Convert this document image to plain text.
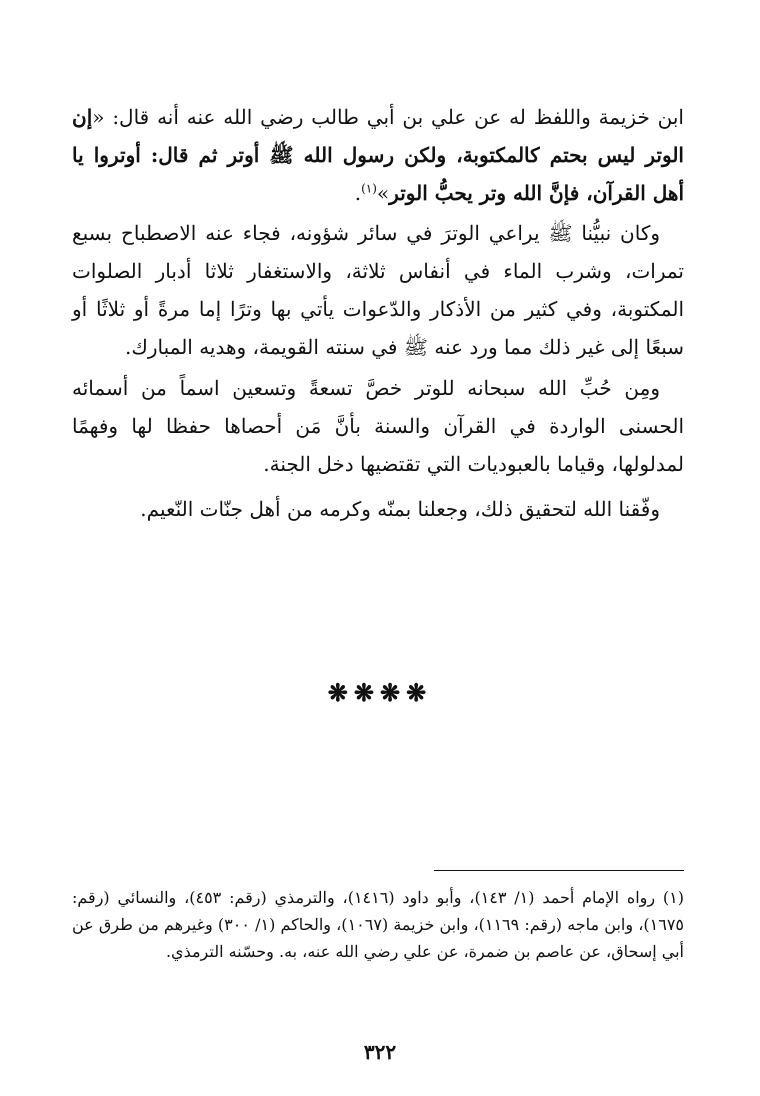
ابن خزيمة واللفظ له عن علي بن أبي طالب رضي الله عنه أنه قال: «إن الوتر ليس بحتم كالمكتوبة، ولكن رسول الله ﷺ أوتر ثم قال: أوتروا يا أهل القرآن، فإنَّ الله وتر يحبُّ الوتر»$^{(١)}$.
وكان نبيُّنا ﷺ يراعي الوترَ في سائر شؤونه، فجاء عنه الاصطباح بسبع تمرات، وشرب الماء في أنفاس ثلاثة، والاستغفار ثلاثا أدبار الصلوات المكتوبة، وفي كثير من الأذكار والدّعوات يأتي بها وترًا إما مرةً أو ثلاثًا أو سبعًا إلى غير ذلك مما ورد عنه ﷺ في سنته القويمة، وهديه المبارك.
ومِن حُبِّ الله سبحانه للوتر خصَّ تسعةً وتسعين اسماً من أسمائه الحسنى الواردة في القرآن والسنة بأنَّ مَن أحصاها حفظا لها وفهمًا لمدلولها، وقياما بالعبوديات التي تقتضيها دخل الجنة.
وفّقنا الله لتحقيق ذلك، وجعلنا بمنّه وكرمه من أهل جنّات النّعيم.
❋❋❋❋
(١) رواه الإمام أحمد (١/ ١٤٣)، وأبو داود (١٤١٦)، والترمذي (رقم: ٤٥٣)، والنسائي (رقم: ١٦٧٥)، وابن ماجه (رقم: ١١٦٩)، وابن خزيمة (١٠٦٧)، والحاكم (١/ ٣٠٠) وغيرهم من طرق عن أبي إسحاق، عن عاصم بن ضمرة، عن علي رضي الله عنه، به. وحسّنه الترمذي.
٣٢٢
